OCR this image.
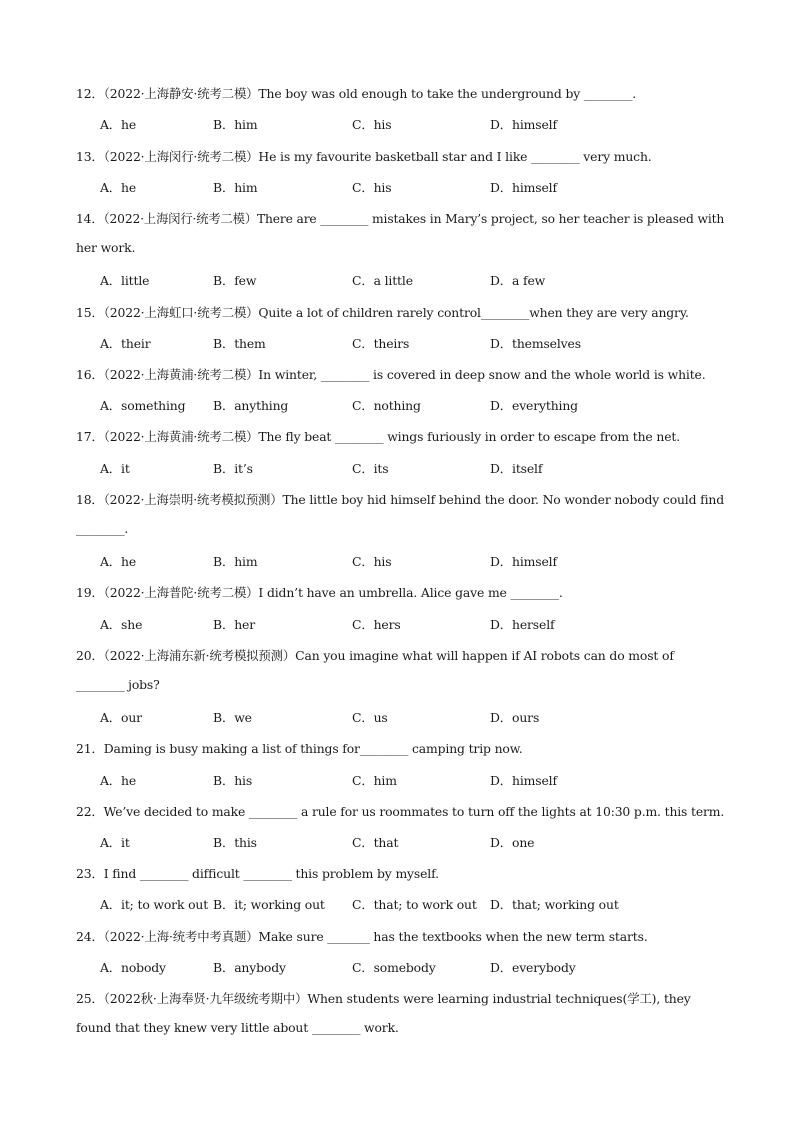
12．（2022·上海静安·统考二模）The boy was old enough to take the underground by ________.
A．he	B．him	C．his	D．himself
13．（2022·上海闵行·统考二模）He is my favourite basketball star and I like ________ very much.
A．he	B．him	C．his	D．himself
14．（2022·上海闵行·统考二模）There are ________ mistakes in Mary’s project, so her teacher is pleased with
her work.
A．little	B．few	C．a little	D．a few
15．（2022·上海虹口·统考二模）Quite a lot of children rarely control________when they are very angry.
A．their	B．them	C．theirs	D．themselves
16．（2022·上海黄浦·统考二模）In winter, ________ is covered in deep snow and the whole world is white.
A．something B．anything	C．nothing	D．everything
17．（2022·上海黄浦·统考二模）The fly beat ________ wings furiously in order to escape from the net.
A．it	B．it’s	C．its	D．itself
18．（2022·上海崇明·统考模拟预测）The little boy hid himself behind the door. No wonder nobody could find
________.
A．he	B．him	C．his	D．himself
19．（2022·上海普陀·统考二模）I didn’t have an umbrella. Alice gave me ________.
A．she	B．her	C．hers	D．herself
20．（2022·上海浦东新·统考模拟预测）Can you imagine what will happen if AI robots can do most of
________ jobs?
A．our	B．we	C．us	D．ours
21．Daming is busy making a list of things for________ camping trip now.
A．he	B．his	C．him	D．himself
22．We’ve decided to make ________ a rule for us roommates to turn off the lights at 10:30 p.m. this term.
A．it	B．this	C．that	D．one
23．I find ________ difficult ________ this problem by myself.
A．it; to work out B．it; working out C．that; to work out D．that; working out
24．（2022·上海·统考中考真题）Make sure _______ has the textbooks when the new term starts.
A．nobody	B．anybody	C．somebody	D．everybody
25．（2022秋·上海奉贤·九年级统考期中）When students were learning industrial techniques(学工), they
found that they knew very little about ________ work.
